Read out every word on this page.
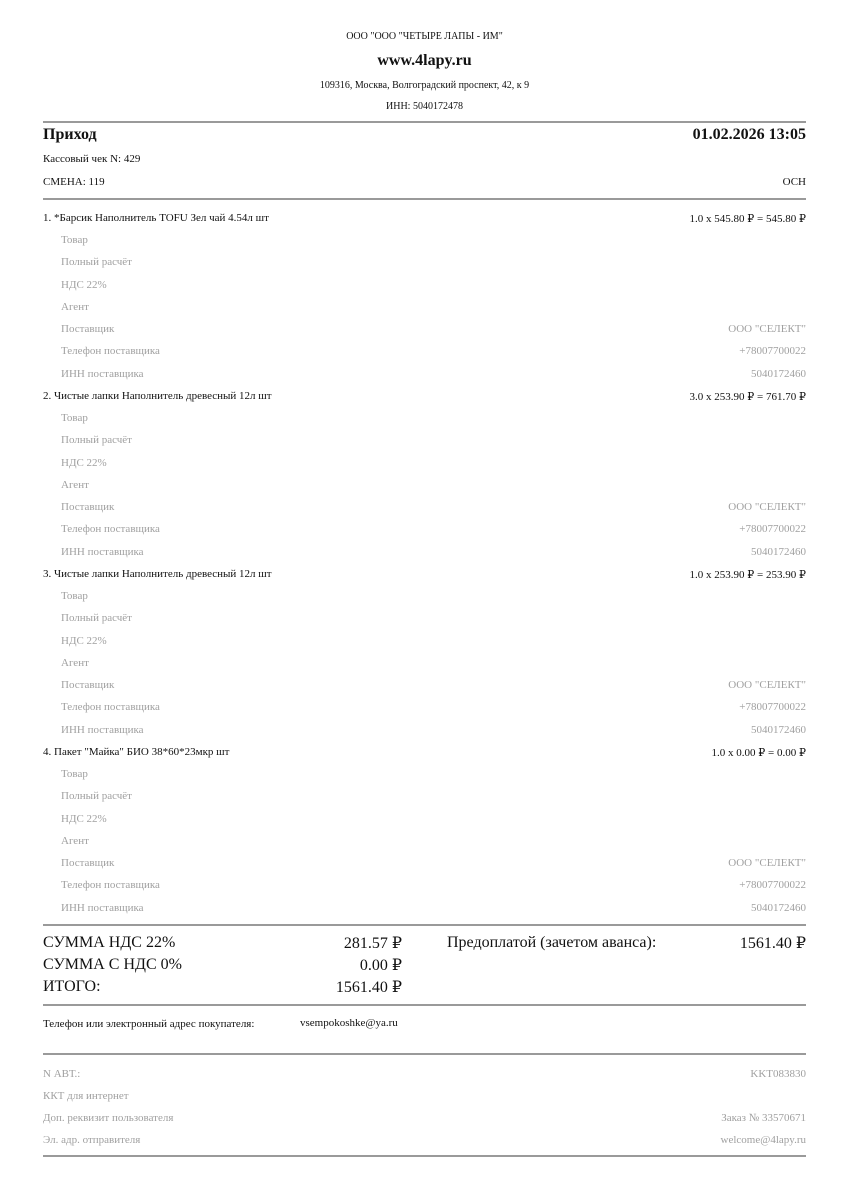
ООО "ООО "ЧЕТЫРЕ ЛАПЫ - ИМ"
www.4lapy.ru
109316, Москва, Волгоградский проспект, 42, к 9
ИНН: 5040172478
Приход	01.02.2026 13:05
Кассовый чек N: 429
СМЕНА: 119	ОСН
1. *Барсик Наполнитель TOFU Зел чай 4.54л шт	1.0 x 545.80 ₽ = 545.80 ₽
Товар
Полный расчёт
НДС 22%
Агент
Поставщик	ООО "СЕЛЕКТ"
Телефон поставщика	+78007700022
ИНН поставщика	5040172460
2. Чистые лапки Наполнитель древесный 12л шт	3.0 x 253.90 ₽ = 761.70 ₽
Товар
Полный расчёт
НДС 22%
Агент
Поставщик	ООО "СЕЛЕКТ"
Телефон поставщика	+78007700022
ИНН поставщика	5040172460
3. Чистые лапки Наполнитель древесный 12л шт	1.0 x 253.90 ₽ = 253.90 ₽
Товар
Полный расчёт
НДС 22%
Агент
Поставщик	ООО "СЕЛЕКТ"
Телефон поставщика	+78007700022
ИНН поставщика	5040172460
4. Пакет "Майка" БИО 38*60*23мкр шт	1.0 x 0.00 ₽ = 0.00 ₽
Товар
Полный расчёт
НДС 22%
Агент
Поставщик	ООО "СЕЛЕКТ"
Телефон поставщика	+78007700022
ИНН поставщика	5040172460
СУММА НДС 22%	281.57 ₽	Предоплатой (зачетом аванса):	1561.40 ₽
СУММА С НДС 0%	0.00 ₽
ИТОГО:	1561.40 ₽
Телефон или электронный адрес покупателя:	vsempokoshke@ya.ru
N АВТ.:	KKT083830
ККТ для интернет
Доп. реквизит пользователя	Заказ № 33570671
Эл. адр. отправителя	welcome@4lapy.ru
